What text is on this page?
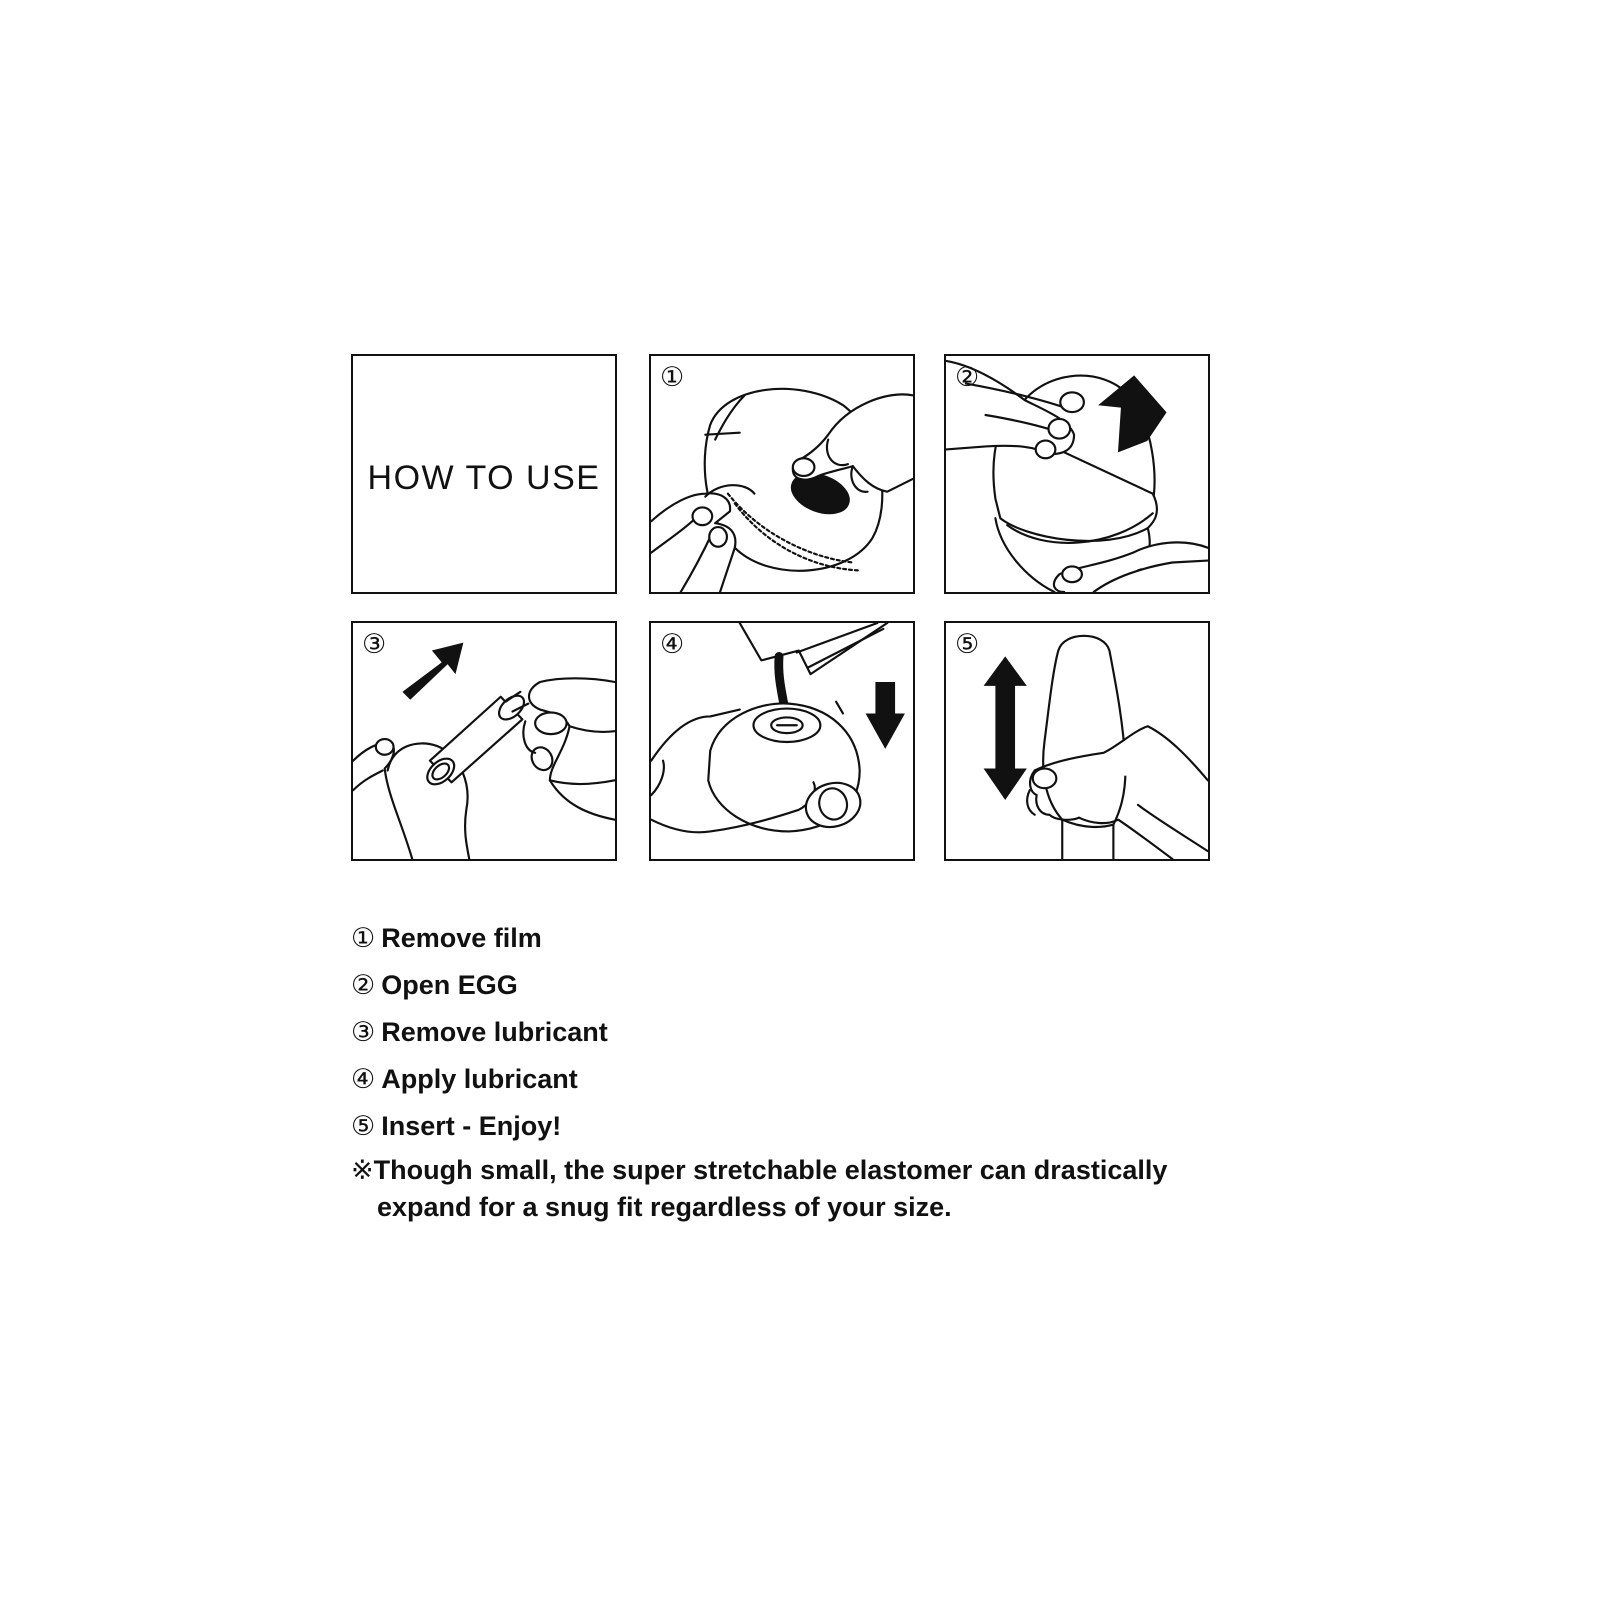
HOW TO USE
①	②
③	④	⑤
① Remove film
② Open EGG
③ Remove lubricant
④ Apply lubricant
⑤ Insert - Enjoy!
※Though small, the super stretchable elastomer can drastically
expand for a snug fit regardless of your size.
